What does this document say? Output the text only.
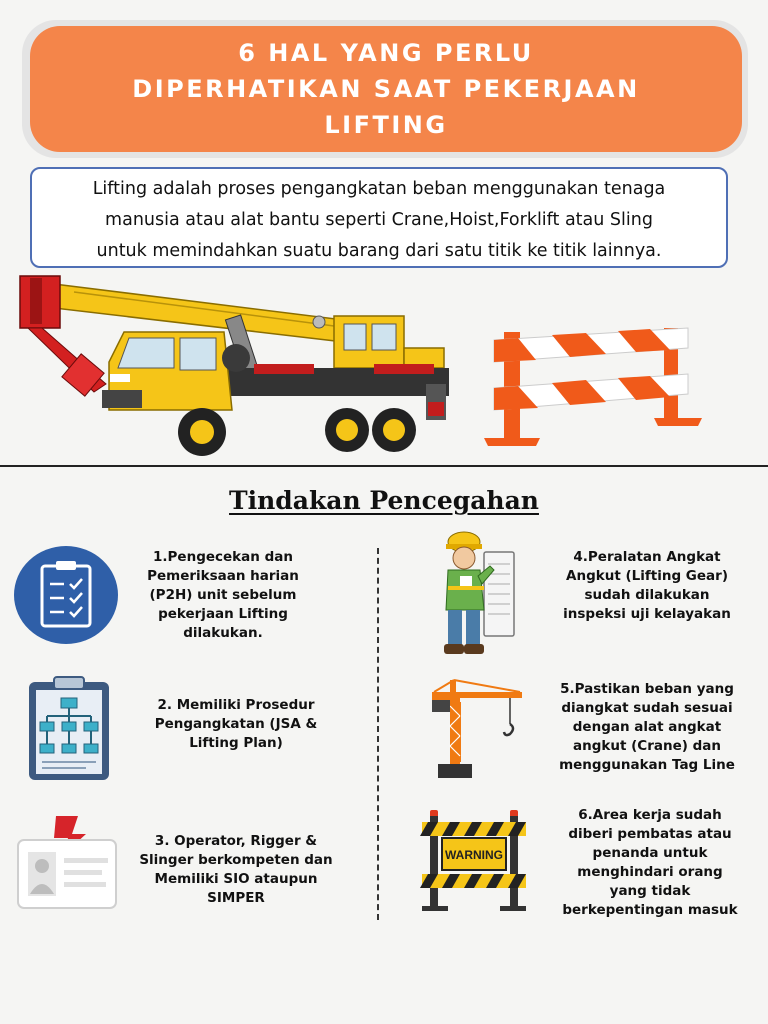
6 HAL YANG PERLU
DIPERHATIKAN SAAT PEKERJAAN
LIFTING
Lifting adalah proses pengangkatan beban menggunakan tenaga
manusia atau alat bantu seperti Crane,Hoist,Forklift atau Sling
untuk memindahkan suatu barang dari satu titik ke titik lainnya.
Tindakan Pencegahan
1.Pengecekan dan
Pemeriksaan harian
(P2H) unit sebelum
pekerjaan Lifting
dilakukan.
2. Memiliki Prosedur
Pengangkatan (JSA &
Lifting Plan)
3. Operator, Rigger &
Slinger berkompeten dan
Memiliki SIO ataupun
SIMPER
4.Peralatan Angkat
Angkut (Lifting Gear)
sudah dilakukan
inspeksi uji kelayakan
5.Pastikan beban yang
diangkat sudah sesuai
dengan alat angkat
angkut (Crane) dan
menggunakan Tag Line
WARNING
6.Area kerja sudah
diberi pembatas atau
penanda untuk
menghindari orang
yang tidak
berkepentingan masuk
